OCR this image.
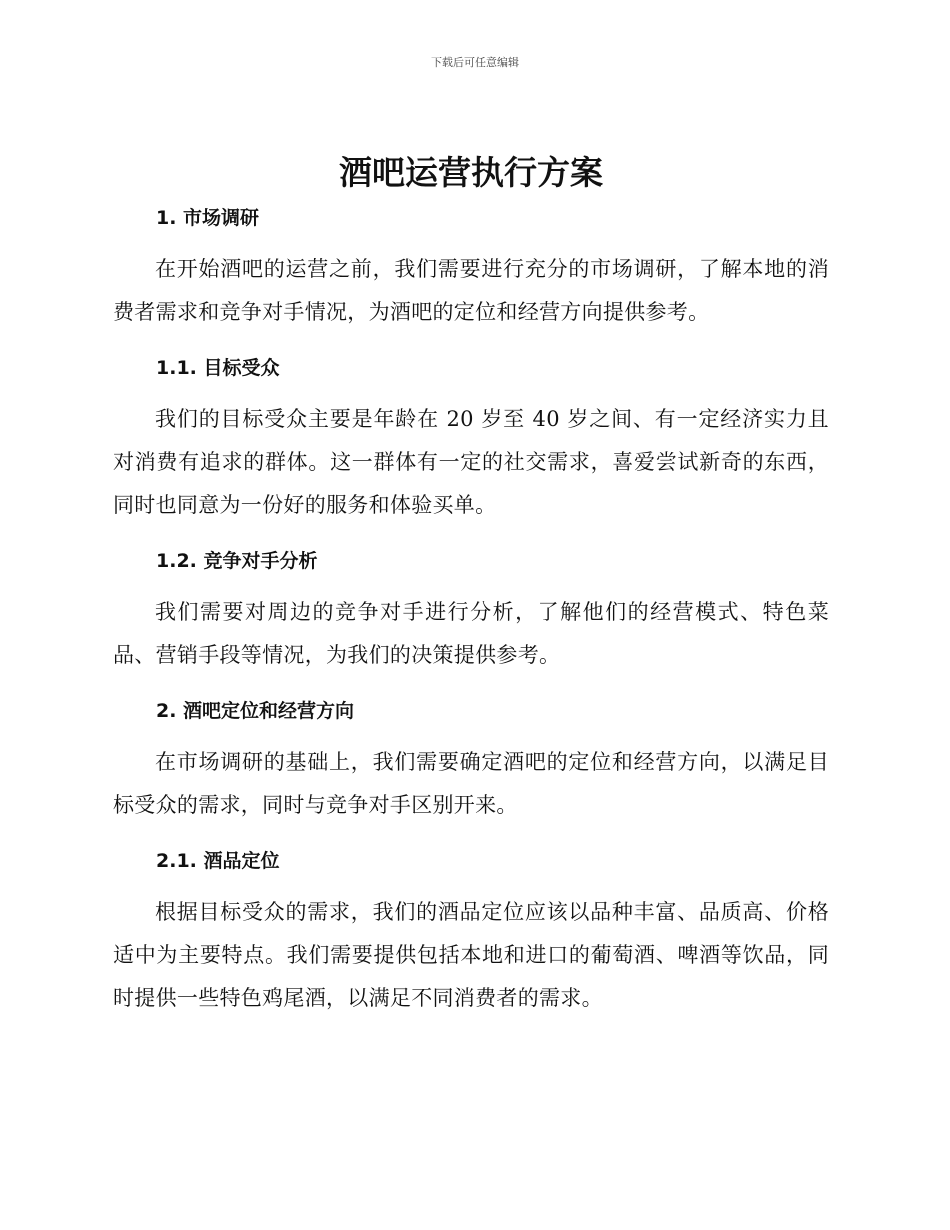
下载后可任意编辑
酒吧运营执行方案
1. 市场调研

在开始酒吧的运营之前，我们需要进行充分的市场调研，了解本地的消费者需求和竞争对手情况，为酒吧的定位和经营方向提供参考。

1.1. 目标受众

我们的目标受众主要是年龄在 20 岁至 40 岁之间、有一定经济实力且对消费有追求的群体。这一群体有一定的社交需求，喜爱尝试新奇的东西，同时也同意为一份好的服务和体验买单。

1.2. 竞争对手分析

我们需要对周边的竞争对手进行分析，了解他们的经营模式、特色菜品、营销手段等情况，为我们的决策提供参考。

2. 酒吧定位和经营方向

在市场调研的基础上，我们需要确定酒吧的定位和经营方向，以满足目标受众的需求，同时与竞争对手区别开来。

2.1. 酒品定位

根据目标受众的需求，我们的酒品定位应该以品种丰富、品质高、价格适中为主要特点。我们需要提供包括本地和进口的葡萄酒、啤酒等饮品，同时提供一些特色鸡尾酒，以满足不同消费者的需求。
